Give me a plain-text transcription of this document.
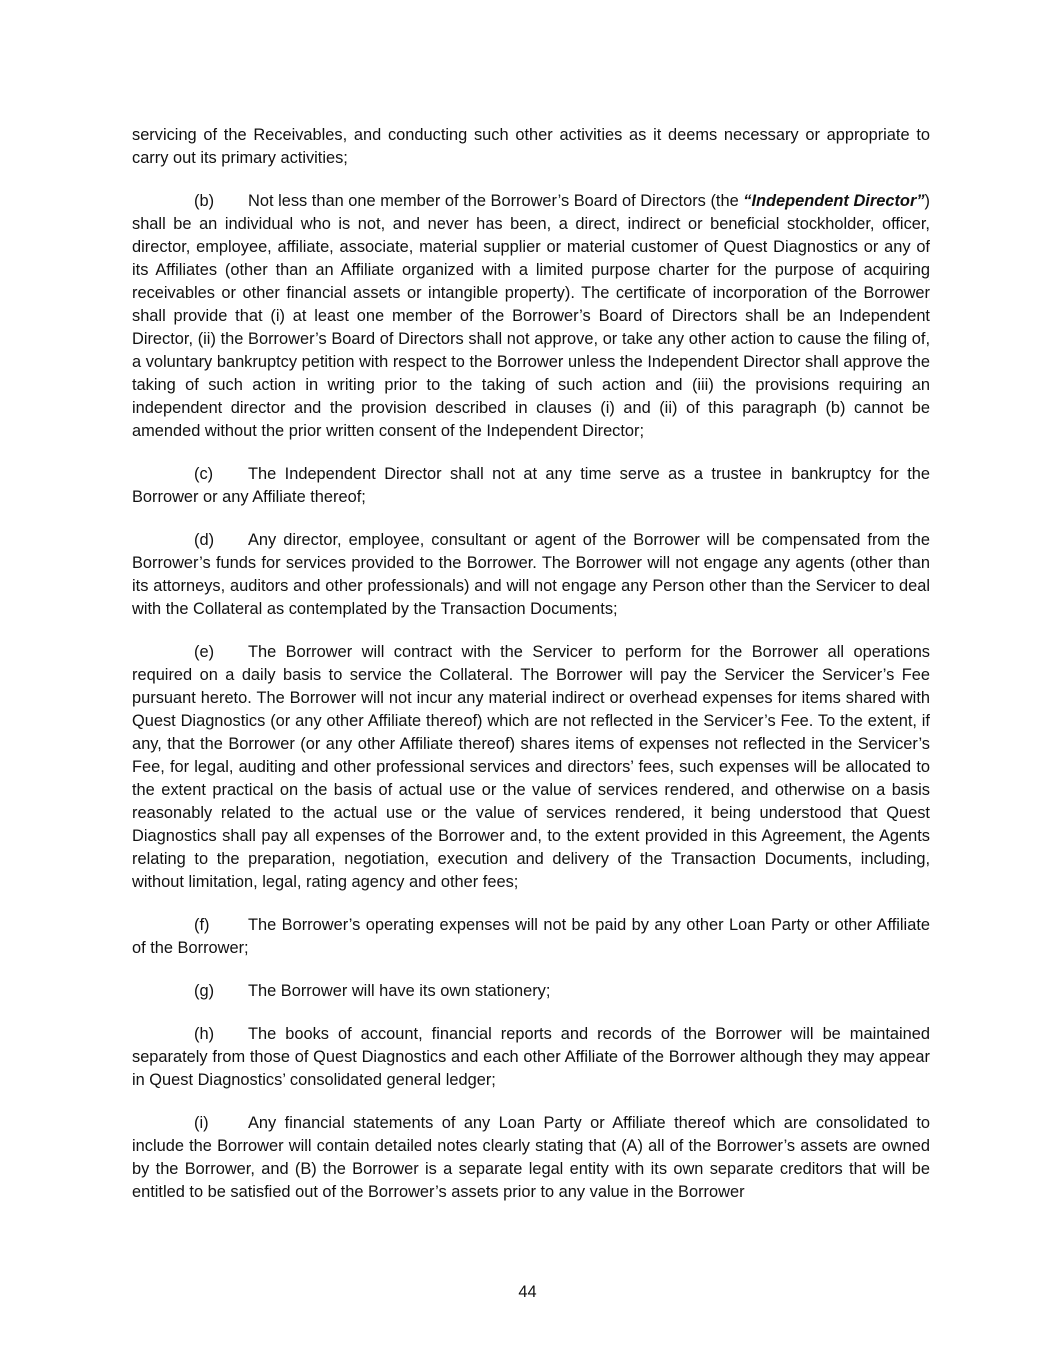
servicing of the Receivables, and conducting such other activities as it deems necessary or appropriate to carry out its primary activities;

(b) Not less than one member of the Borrower’s Board of Directors (the “Independent Director”) shall be an individual who is not, and never has been, a direct, indirect or beneficial stockholder, officer, director, employee, affiliate, associate, material supplier or material customer of Quest Diagnostics or any of its Affiliates (other than an Affiliate organized with a limited purpose charter for the purpose of acquiring receivables or other financial assets or intangible property). The certificate of incorporation of the Borrower shall provide that (i) at least one member of the Borrower’s Board of Directors shall be an Independent Director, (ii) the Borrower’s Board of Directors shall not approve, or take any other action to cause the filing of, a voluntary bankruptcy petition with respect to the Borrower unless the Independent Director shall approve the taking of such action in writing prior to the taking of such action and (iii) the provisions requiring an independent director and the provision described in clauses (i) and (ii) of this paragraph (b) cannot be amended without the prior written consent of the Independent Director;

(c) The Independent Director shall not at any time serve as a trustee in bankruptcy for the Borrower or any Affiliate thereof;

(d) Any director, employee, consultant or agent of the Borrower will be compensated from the Borrower’s funds for services provided to the Borrower. The Borrower will not engage any agents (other than its attorneys, auditors and other professionals) and will not engage any Person other than the Servicer to deal with the Collateral as contemplated by the Transaction Documents;

(e) The Borrower will contract with the Servicer to perform for the Borrower all operations required on a daily basis to service the Collateral. The Borrower will pay the Servicer the Servicer’s Fee pursuant hereto. The Borrower will not incur any material indirect or overhead expenses for items shared with Quest Diagnostics (or any other Affiliate thereof) which are not reflected in the Servicer’s Fee. To the extent, if any, that the Borrower (or any other Affiliate thereof) shares items of expenses not reflected in the Servicer’s Fee, for legal, auditing and other professional services and directors’ fees, such expenses will be allocated to the extent practical on the basis of actual use or the value of services rendered, and otherwise on a basis reasonably related to the actual use or the value of services rendered, it being understood that Quest Diagnostics shall pay all expenses of the Borrower and, to the extent provided in this Agreement, the Agents relating to the preparation, negotiation, execution and delivery of the Transaction Documents, including, without limitation, legal, rating agency and other fees;

(f) The Borrower’s operating expenses will not be paid by any other Loan Party or other Affiliate of the Borrower;

(g) The Borrower will have its own stationery;

(h) The books of account, financial reports and records of the Borrower will be maintained separately from those of Quest Diagnostics and each other Affiliate of the Borrower although they may appear in Quest Diagnostics’ consolidated general ledger;

(i) Any financial statements of any Loan Party or Affiliate thereof which are consolidated to include the Borrower will contain detailed notes clearly stating that (A) all of the Borrower’s assets are owned by the Borrower, and (B) the Borrower is a separate legal entity with its own separate creditors that will be entitled to be satisfied out of the Borrower’s assets prior to any value in the Borrower

44
